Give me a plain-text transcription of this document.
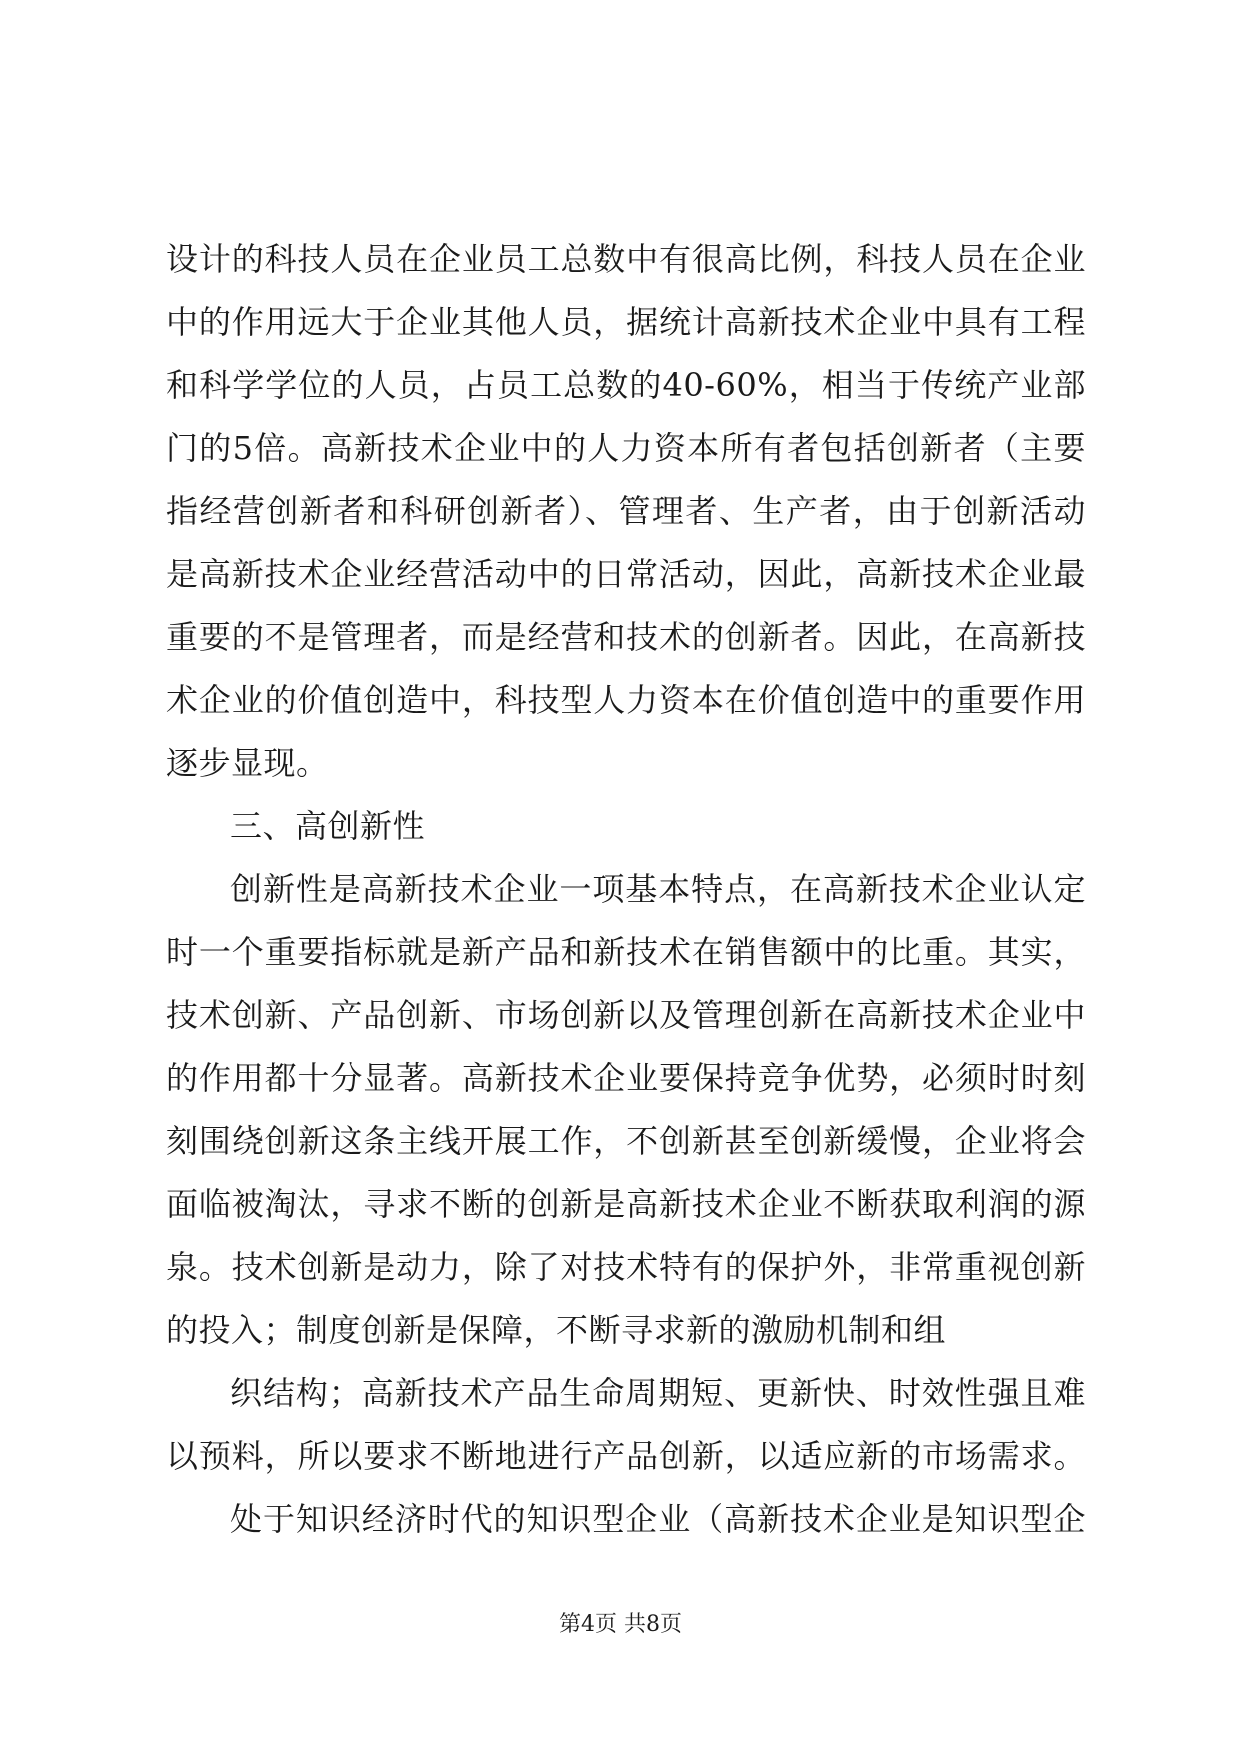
设计的科技人员在企业员工总数中有很高比例，科技人员在企业
中的作用远大于企业其他人员，据统计高新技术企业中具有工程
和科学学位的人员，占员工总数的40-60%，相当于传统产业部
门的5倍。高新技术企业中的人力资本所有者包括创新者（主要
指经营创新者和科研创新者）、管理者、生产者，由于创新活动
是高新技术企业经营活动中的日常活动，因此，高新技术企业最
重要的不是管理者，而是经营和技术的创新者。因此，在高新技
术企业的价值创造中，科技型人力资本在价值创造中的重要作用
逐步显现。
三、高创新性
创新性是高新技术企业一项基本特点，在高新技术企业认定
时一个重要指标就是新产品和新技术在销售额中的比重。其实，
技术创新、产品创新、市场创新以及管理创新在高新技术企业中
的作用都十分显著。高新技术企业要保持竞争优势，必须时时刻
刻围绕创新这条主线开展工作，不创新甚至创新缓慢，企业将会
面临被淘汰，寻求不断的创新是高新技术企业不断获取利润的源
泉。技术创新是动力，除了对技术特有的保护外，非常重视创新
的投入；制度创新是保障，不断寻求新的激励机制和组
织结构；高新技术产品生命周期短、更新快、时效性强且难
以预料，所以要求不断地进行产品创新，以适应新的市场需求。
处于知识经济时代的知识型企业（高新技术企业是知识型企
第4页 共8页
